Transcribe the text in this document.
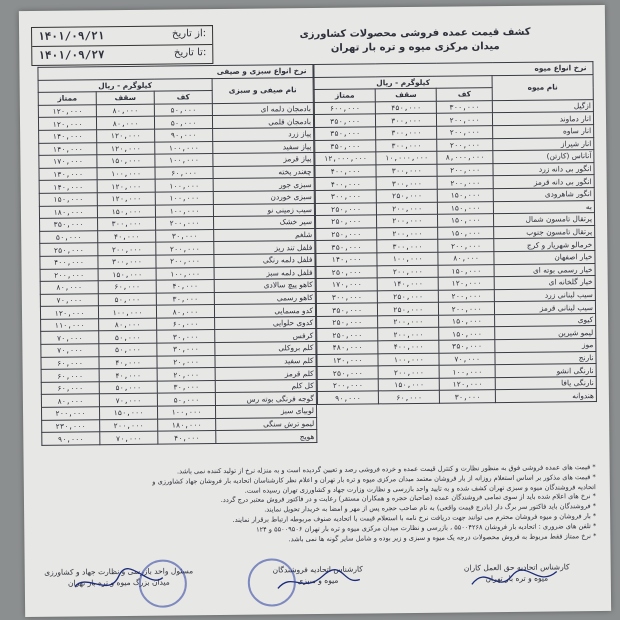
کشف قیمت عمده فروشی محصولات کشاورزی
میدان مرکزی میوه و تره بار تهران
۱۴۰۱/۰۹/۲۱	از تاریخ:
۱۴۰۱/۰۹/۲۷	تا تاریخ:
نرخ انواع میوه			
کیلوگرم - ریال			نام میوه
ممتاز	سقف	کف	
۶۰۰,۰۰۰	۴۵۰,۰۰۰	۳۰۰,۰۰۰	ازگیل
۳۵۰,۰۰۰	۳۰۰,۰۰۰	۲۰۰,۰۰۰	انار دماوند
۳۵۰,۰۰۰	۳۰۰,۰۰۰	۲۰۰,۰۰۰	انار ساوه
۳۵۰,۰۰۰	۳۰۰,۰۰۰	۲۰۰,۰۰۰	انار شیراز
۱۲,۰۰۰,۰۰۰	۱۰,۰۰۰,۰۰۰	۸,۰۰۰,۰۰۰	آناناس (کارتن)
۴۰۰,۰۰۰	۳۰۰,۰۰۰	۲۰۰,۰۰۰	انگور بی دانه زرد
۴۰۰,۰۰۰	۳۰۰,۰۰۰	۲۰۰,۰۰۰	انگور بی دانه قرمز
۳۰۰,۰۰۰	۲۵۰,۰۰۰	۱۵۰,۰۰۰	انگور شاهرودی
۲۵۰,۰۰۰	۲۰۰,۰۰۰	۱۵۰,۰۰۰	به
۲۵۰,۰۰۰	۲۰۰,۰۰۰	۱۵۰,۰۰۰	پرتقال تامسون شمال
۲۵۰,۰۰۰	۲۰۰,۰۰۰	۱۵۰,۰۰۰	پرتقال تامسون جنوب
۳۵۰,۰۰۰	۳۰۰,۰۰۰	۲۰۰,۰۰۰	خرمالو شهریار و کرج
۱۴۰,۰۰۰	۱۰۰,۰۰۰	۸۰,۰۰۰	خیار اصفهان
۲۵۰,۰۰۰	۲۰۰,۰۰۰	۱۵۰,۰۰۰	خیار رسمی بوته ای
۱۷۰,۰۰۰	۱۴۰,۰۰۰	۱۲۰,۰۰۰	خیار گلخانه ای
۳۰۰,۰۰۰	۲۵۰,۰۰۰	۲۰۰,۰۰۰	سیب لبنانی زرد
۳۵۰,۰۰۰	۲۵۰,۰۰۰	۲۰۰,۰۰۰	سیب لبنانی قرمز
۲۵۰,۰۰۰	۲۰۰,۰۰۰	۱۵۰,۰۰۰	کیوی
۲۵۰,۰۰۰	۲۰۰,۰۰۰	۱۵۰,۰۰۰	لیمو شیرین
۴۸۰,۰۰۰	۴۰۰,۰۰۰	۳۵۰,۰۰۰	موز
۱۳۰,۰۰۰	۱۰۰,۰۰۰	۷۰,۰۰۰	نارنج
۲۵۰,۰۰۰	۲۰۰,۰۰۰	۱۰۰,۰۰۰	نارنگی انشو
۲۰۰,۰۰۰	۱۵۰,۰۰۰	۱۲۰,۰۰۰	نارنگی یافا
۹۰,۰۰۰	۶۰,۰۰۰	۳۰,۰۰۰	هندوانه
نرخ انواع سبزی و صیفی			
کیلوگرم - ریال			نام صیفی و سبزی
ممتاز	سقف	کف	
۱۲۰,۰۰۰	۸۰,۰۰۰	۵۰,۰۰۰	بادمجان دلمه ای
۱۲۰,۰۰۰	۸۰,۰۰۰	۵۰,۰۰۰	بادمجان قلمی
۱۴۰,۰۰۰	۱۲۰,۰۰۰	۹۰,۰۰۰	پیاز زرد
۱۴۰,۰۰۰	۱۲۰,۰۰۰	۱۰۰,۰۰۰	پیاز سفید
۱۷۰,۰۰۰	۱۵۰,۰۰۰	۱۰۰,۰۰۰	پیاز قرمز
۱۳۰,۰۰۰	۱۰۰,۰۰۰	۶۰,۰۰۰	چغندر پخته
۱۴۰,۰۰۰	۱۲۰,۰۰۰	۱۰۰,۰۰۰	سبزی جور
۱۵۰,۰۰۰	۱۲۰,۰۰۰	۱۰۰,۰۰۰	سبزی خوردن
۱۸۰,۰۰۰	۱۵۰,۰۰۰	۱۰۰,۰۰۰	سیب زمینی نو
۳۵۰,۰۰۰	۳۰۰,۰۰۰	۲۰۰,۰۰۰	سیر خشک
۵۰,۰۰۰	۴۰,۰۰۰	۳۰,۰۰۰	شلغم
۲۵۰,۰۰۰	۲۰۰,۰۰۰	۲۰۰,۰۰۰	فلفل تند ریز
۴۰۰,۰۰۰	۳۰۰,۰۰۰	۲۰۰,۰۰۰	فلفل دلمه رنگی
۲۰۰,۰۰۰	۱۵۰,۰۰۰	۱۰۰,۰۰۰	فلفل دلمه سبز
۸۰,۰۰۰	۶۰,۰۰۰	۴۰,۰۰۰	کاهو پیچ سالادی
۷۰,۰۰۰	۵۰,۰۰۰	۳۰,۰۰۰	کاهو رسمی
۱۲۰,۰۰۰	۱۰۰,۰۰۰	۸۰,۰۰۰	کدو مسمایی
۱۱۰,۰۰۰	۸۰,۰۰۰	۶۰,۰۰۰	کدوی حلوایی
۷۰,۰۰۰	۵۰,۰۰۰	۳۰,۰۰۰	کرفس
۷۰,۰۰۰	۵۰,۰۰۰	۳۰,۰۰۰	کلم بروکلی
۶۰,۰۰۰	۴۰,۰۰۰	۲۰,۰۰۰	کلم سفید
۶۰,۰۰۰	۴۰,۰۰۰	۲۰,۰۰۰	کلم قرمز
۶۰,۰۰۰	۵۰,۰۰۰	۳۰,۰۰۰	کل کلم
۸۰,۰۰۰	۷۰,۰۰۰	۵۰,۰۰۰	گوجه فرنگی بوته رس
۲۰۰,۰۰۰	۱۵۰,۰۰۰	۱۰۰,۰۰۰	لوبیای سبز
۲۳۰,۰۰۰	۲۰۰,۰۰۰	۱۸۰,۰۰۰	لیمو ترش سنگی
۹۰,۰۰۰	۷۰,۰۰۰	۴۰,۰۰۰	هویج
* قیمت های عمده فروشی فوق به منظور نظارت و کنترل قیمت عمده و خرده فروشی رصد و تعیین گردیده است و به منزله نرخ از تولید کننده نمی باشد.
* قیمت های مذکور بر اساس استعلام روزانه از بار فروشان معتمد میدان مرکزی میوه و تره بار تهران و اعلام نظر کارشناسان اتحادیه بار فروشان جهاد کشاورزی و
اتحادیه فروشندگان میوه و سبزی تهران کشف شده و به تایید واحد بازرسی و نظارت وزارت جهاد و کشاورزی تهران رسیده است.
* نرخ های اعلام شده باید از سوی تمامی فروشندگان عمده (صاحبان حجره و همکاران مستقر) رعایت و در فاکتور فروش معتبر درج گردد.
* فروشندگان باید فاکتور سر برگ دار (بادرج قیمت واقعی) به نام صاحب حجره پس از مهر و امضا به خریدار تحویل نمایند.
* بار فروشان و میوه فروشان محترم می توانند جهت دریافت نرخ نامه با استعلام قیمت با اتحادیه صنوف مربوطه ارتباط برقرار نمایند.
* تلفن های ضروری : اتحادیه بار فروشان ۵۵۰۰۴۲۶۸ ، بازرسی و نظارت میدان مرکزی میوه و تره بار تهران ۵۵۰۰۹۵۰۶ و ۱۲۴
* نرخ ممتاز فقط مربوط به فروش محصولات درجه یک میوه و سبزی و زیر بوده و شامل سایر گونه ها نمی باشد.
کارشناس اتحادیه حق العمل کاران
میوه و تره بار تهران
کارشناس اتحادیه فروشندگان
میوه و سبزی
مسئول واحد بازرسی و نظارت جهاد و کشاورزی
میدان بزرگ میوه و تره بار تهران
